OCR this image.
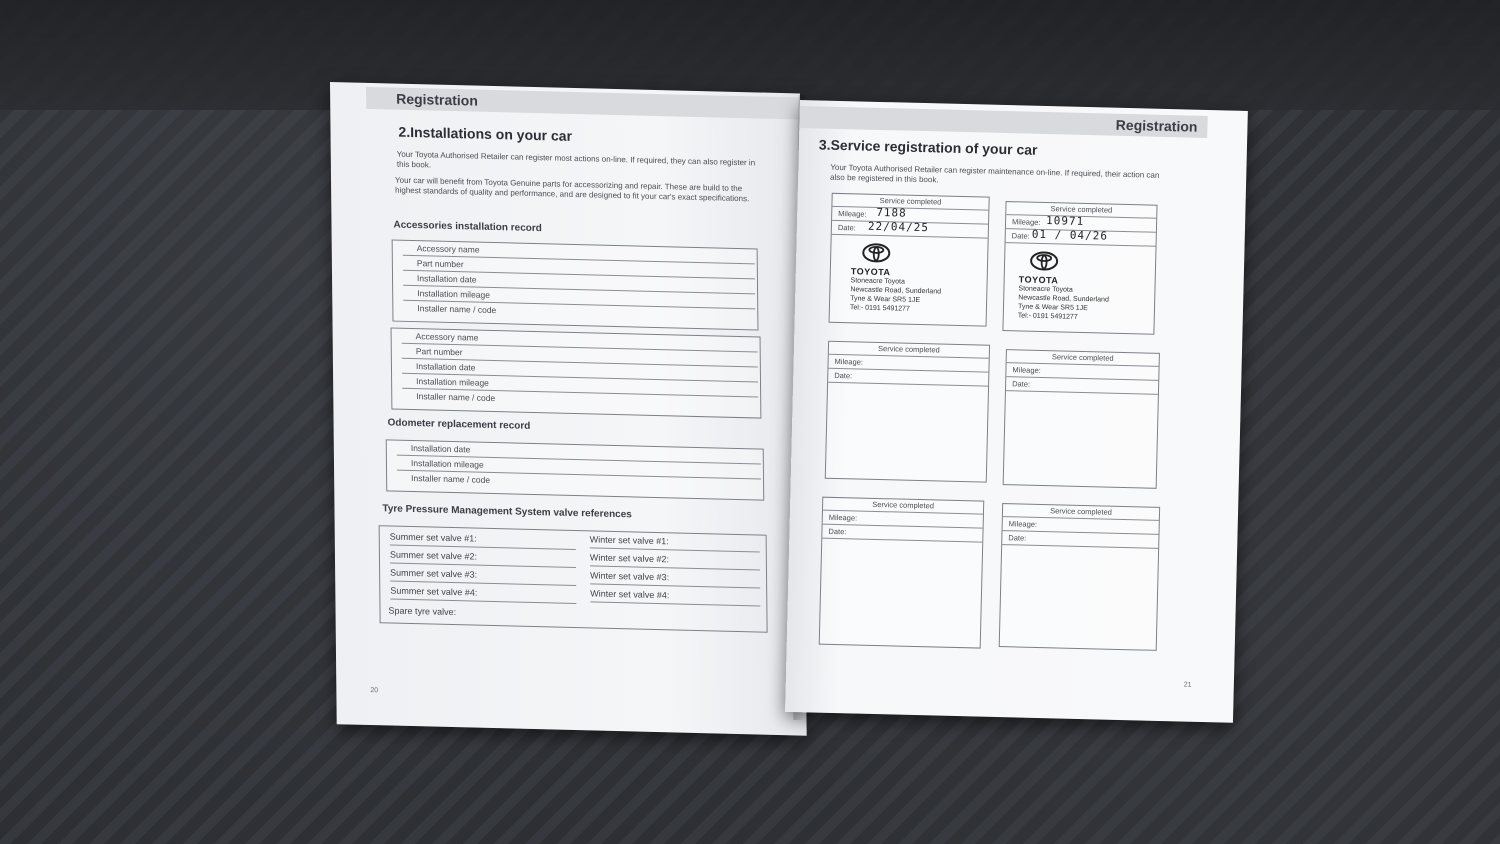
Registration
2.Installations on your car
Your Toyota Authorised Retailer can register most actions on-line. If required, they can also register in this book.
Your car will benefit from Toyota Genuine parts for accessorizing and repair. These are build to the highest standards of quality and performance, and are designed to fit your car's exact specifications.
Accessories installation record
Accessory name
Part number
Installation date
Installation mileage
Installer name / code
Accessory name
Part number
Installation date
Installation mileage
Installer name / code
Odometer replacement record
Installation date
Installation mileage
Installer name / code
Tyre Pressure Management System valve references
Summer set valve #1:
Summer set valve #2:
Summer set valve #3:
Summer set valve #4:
Winter set valve #1:
Winter set valve #2:
Winter set valve #3:
Winter set valve #4:
Spare tyre valve:
20
Registration
3.Service registration of your car
Your Toyota Authorised Retailer can register maintenance on-line. If required, their action can also be registered in this book.
Service completed
Mileage: 7188
Date: 22/04/25
TOYOTA
Stoneacre Toyota
Newcastle Road, Sunderland
Tyne & Wear SR5 1JE
Tel:- 0191 5491277
Service completed
Mileage: 10971
Date: 01 / 04/26
TOYOTA
Stoneacre Toyota
Newcastle Road, Sunderland
Tyne & Wear SR5 1JE
Tel:- 0191 5491277
Service completed
Mileage:
Date:
Service completed
Mileage:
Date:
Service completed
Mileage:
Date:
Service completed
Mileage:
Date:
21
